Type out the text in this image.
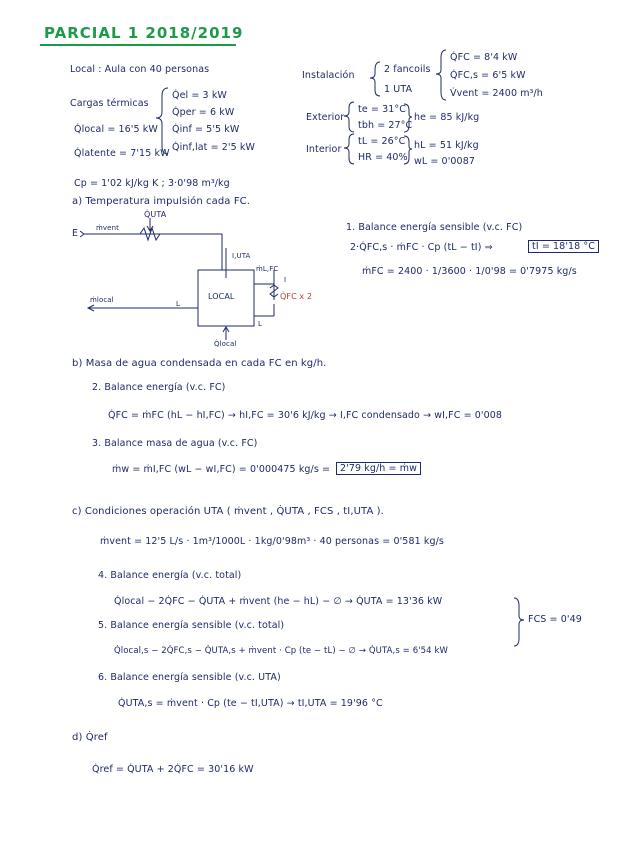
PARCIAL 1 2018/2019
Local : Aula con 40 personas
Cargas térmicas
Q̇local = 16'5 kW
Q̇latente = 7'15 kW
Q̇el = 3 kW
Q̇per = 6 kW
Q̇inf = 5'5 kW
Q̇inf,lat = 2'5 kW
Cp = 1'02 kJ/kg K ; 3·0'98 m³/kg
Instalación
2 fancoils
1 UTA
Q̇FC = 8'4 kW
Q̇FC,s = 6'5 kW
V̇vent = 2400 m³/h
Exterior
te = 31°C
tbh = 27°C
he = 85 kJ/kg
Interior
tL = 26°C
HR = 40%
hL = 51 kJ/kg
wL = 0'0087
a) Temperatura impulsión cada FC.
Q̇UTA
E	ṁvent
I,UTA
ṁL,FC
I
Q̇FC x 2
L
L
ṁlocal	LOCAL
Q̇local
1. Balance energía sensible (v.c. FC)
2·Q̇FC,s · ṁFC · Cp (tL − tI) ⇒	tI = 18'18 °C
ṁFC = 2400 · 1/3600 · 1/0'98 = 0'7975 kg/s
b) Masa de agua condensada en cada FC en kg/h.
2. Balance energía (v.c. FC)
Q̇FC = ṁFC (hL − hI,FC) → hI,FC = 30'6 kJ/kg → I,FC condensado → wI,FC = 0'008
3. Balance masa de agua (v.c. FC)
ṁw = ṁI,FC (wL − wI,FC) = 0'000475 kg/s =	2'79 kg/h = ṁw
c) Condiciones operación UTA ( ṁvent , Q̇UTA , FCS , tI,UTA ).
ṁvent = 12'5 L/s · 1m³/1000L · 1kg/0'98m³ · 40 personas = 0'581 kg/s
4. Balance energía (v.c. total)
Q̇local − 2Q̇FC − Q̇UTA + ṁvent (he − hL) − ∅ → Q̇UTA = 13'36 kW
5. Balance energía sensible (v.c. total)
Q̇local,s − 2Q̇FC,s − Q̇UTA,s + ṁvent · Cp (te − tL) − ∅ → Q̇UTA,s = 6'54 kW
FCS = 0'49
6. Balance energía sensible (v.c. UTA)
Q̇UTA,s = ṁvent · Cp (te − tI,UTA) → tI,UTA = 19'96 °C
d) Q̇ref
Q̇ref = Q̇UTA + 2Q̇FC = 30'16 kW
